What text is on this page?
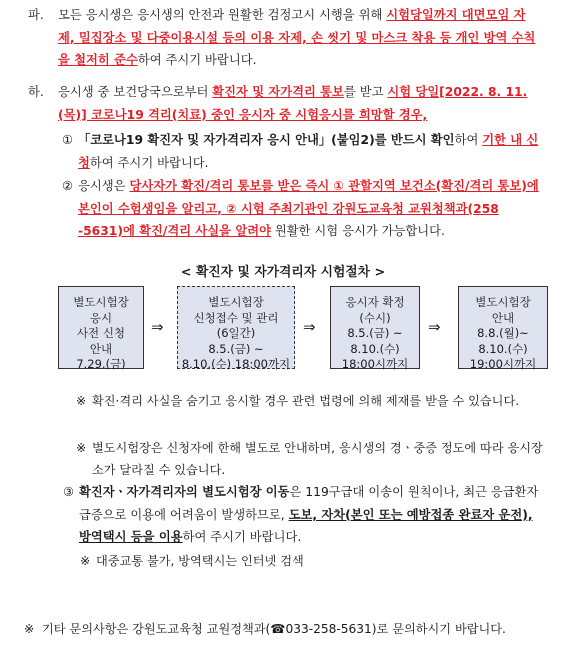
파. 모든 응시생은 응시생의 안전과 원활한 검정고시 시행을 위해 시험당일까지 대면모임 자제, 밀집장소 및 다중이용시설 등의 이용 자제, 손 씻기 및 마스크 착용 등 개인 방역 수칙을 철저히 준수하여 주시기 바랍니다.
하. 응시생 중 보건당국으로부터 확진자 및 자가격리 통보를 받고 시험 당일[2022. 8. 11.(목)] 코로나19 격리(치료) 중인 응시자 중 시험응시를 희망할 경우,
① 「코로나19 확진자 및 자가격리자 응시 안내」(붙임2)를 반드시 확인하여 기한 내 신청하여 주시기 바랍니다.
② 응시생은 당사자가 확진/격리 통보를 받은 즉시 ① 관할지역 보건소(확진/격리 통보)에 본인이 수험생임을 알리고, ② 시험 주최기관인 강원도교육청 교원청책과(258 -5631)에 확진/격리 사실을 알려야 원활한 시험 응시가 가능합니다.
< 확진자 및 자가격리자 시험절차 >
별도시험장
응시
사전 신청
안내
7.29.(금)
⇒
별도시험장
신청접수 및 관리
(6일간)
8.5.(금) ~
8.10.(수) 18:00까지
⇒
응시자 확정
(수시)
8.5.(금) ~
8.10.(수)
18:00시까지
⇒
별도시험장
안내
8.8.(월)~
8.10.(수)
19:00시까지
※ 확진·격리 사실을 숨기고 응시할 경우 관련 법령에 의해 제재를 받을 수 있습니다.
※ 별도시험장은 신청자에 한해 별도로 안내하며, 응시생의 경ㆍ중증 정도에 따라 응시장소가 달라질 수 있습니다.
③ 확진자ㆍ자가격리자의 별도시험장 이동은 119구급대 이송이 원칙이나, 최근 응급환자 급증으로 이용에 어려움이 발생하므로, 도보, 자차(본인 또는 예방접종 완료자 운전), 방역택시 등을 이용하여 주시기 바랍니다.
※ 대중교통 불가, 방역택시는 인터넷 검색
※ 기타 문의사항은 강원도교육청 교원정책과(☎033-258-5631)로 문의하시기 바랍니다.
